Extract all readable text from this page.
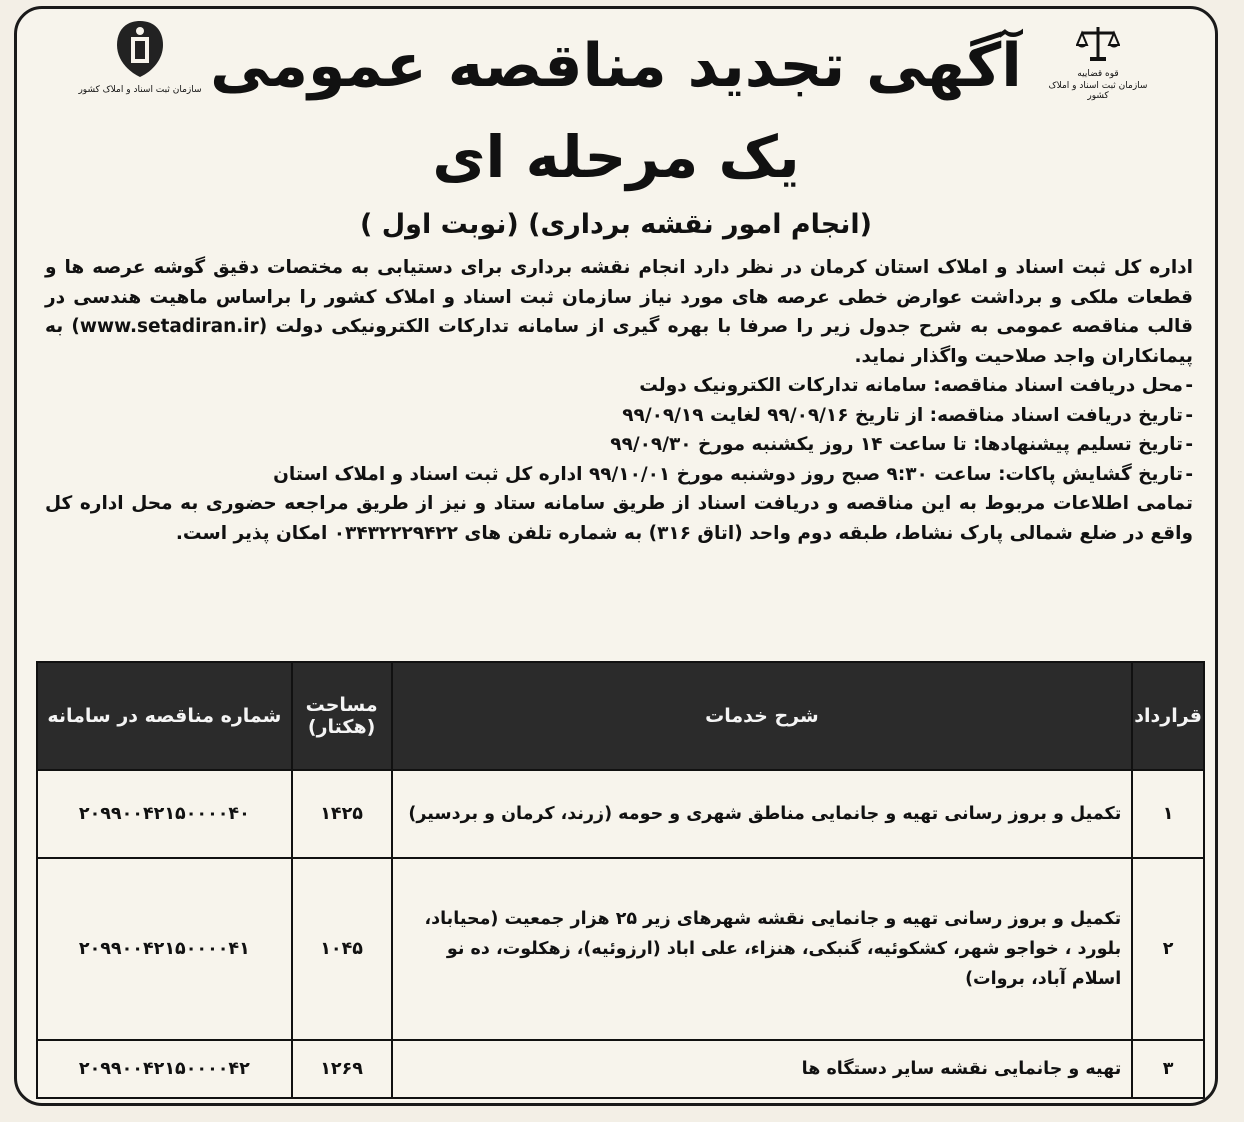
قوه قضاییه
سازمان ثبت اسناد و املاک کشور
سازمان ثبت اسناد و املاک کشور آگهی تجدید مناقصه عمومی
یک مرحله ای
(انجام امور نقشه برداری) (نوبت اول )

اداره کل ثبت اسناد و املاک استان کرمان در نظر دارد انجام نقشه برداری برای دستیابی به مختصات دقیق گوشه عرصه ها و قطعات ملکی و برداشت عوارض خطی عرصه های مورد نیاز سازمان ثبت اسناد و املاک کشور را براساس ماهیت هندسی در قالب مناقصه عمومی به شرح جدول زیر را صرفا با بهره گیری از سامانه تدارکات الکترونیکی دولت (www.setadiran.ir) به پیمانکاران واجد صلاحیت واگذار نماید.

-محل دریافت اسناد مناقصه: سامانه تدارکات الکترونیک دولت
-تاریخ دریافت اسناد مناقصه: از تاریخ ۹۹/۰۹/۱۶ لغایت ۹۹/۰۹/۱۹
-تاریخ تسلیم پیشنهادها: تا ساعت ۱۴ روز یکشنبه مورخ ۹۹/۰۹/۳۰
-تاریخ گشایش پاکات: ساعت ۹:۳۰ صبح روز دوشنبه مورخ ۹۹/۱۰/۰۱ اداره کل ثبت اسناد و املاک استان

تمامی اطلاعات مربوط به این مناقصه و دریافت اسناد از طریق سامانه ستاد و نیز از طریق مراجعه حضوری به محل اداره کل واقع در ضلع شمالی پارک نشاط، طبقه دوم واحد (اتاق ۳۱۶) به شماره تلفن های ۰۳۴۳۲۲۲۹۴۲۲ امکان پذیر است.

قرارداد	شرح خدمات	مساحت (هکتار)	شماره مناقصه در سامانه
۱	تکمیل و بروز رسانی تهیه و جانمایی مناطق شهری و حومه (زرند، کرمان و بردسیر)	۱۴۲۵	۲۰۹۹۰۰۴۲۱۵۰۰۰۰۴۰
۲	تکمیل و بروز رسانی تهیه و جانمایی نقشه شهرهای زیر ۲۵ هزار جمعیت (محیاباد، بلورد ، خواجو شهر، کشکوئیه، گنبکی، هنزاء، علی اباد (ارزوئیه)، زهکلوت، ده نو اسلام آباد، بروات)	۱۰۴۵	۲۰۹۹۰۰۴۲۱۵۰۰۰۰۴۱
۳	تهیه و جانمایی نقشه سایر دستگاه ها	۱۲۶۹	۲۰۹۹۰۰۴۲۱۵۰۰۰۰۴۲
